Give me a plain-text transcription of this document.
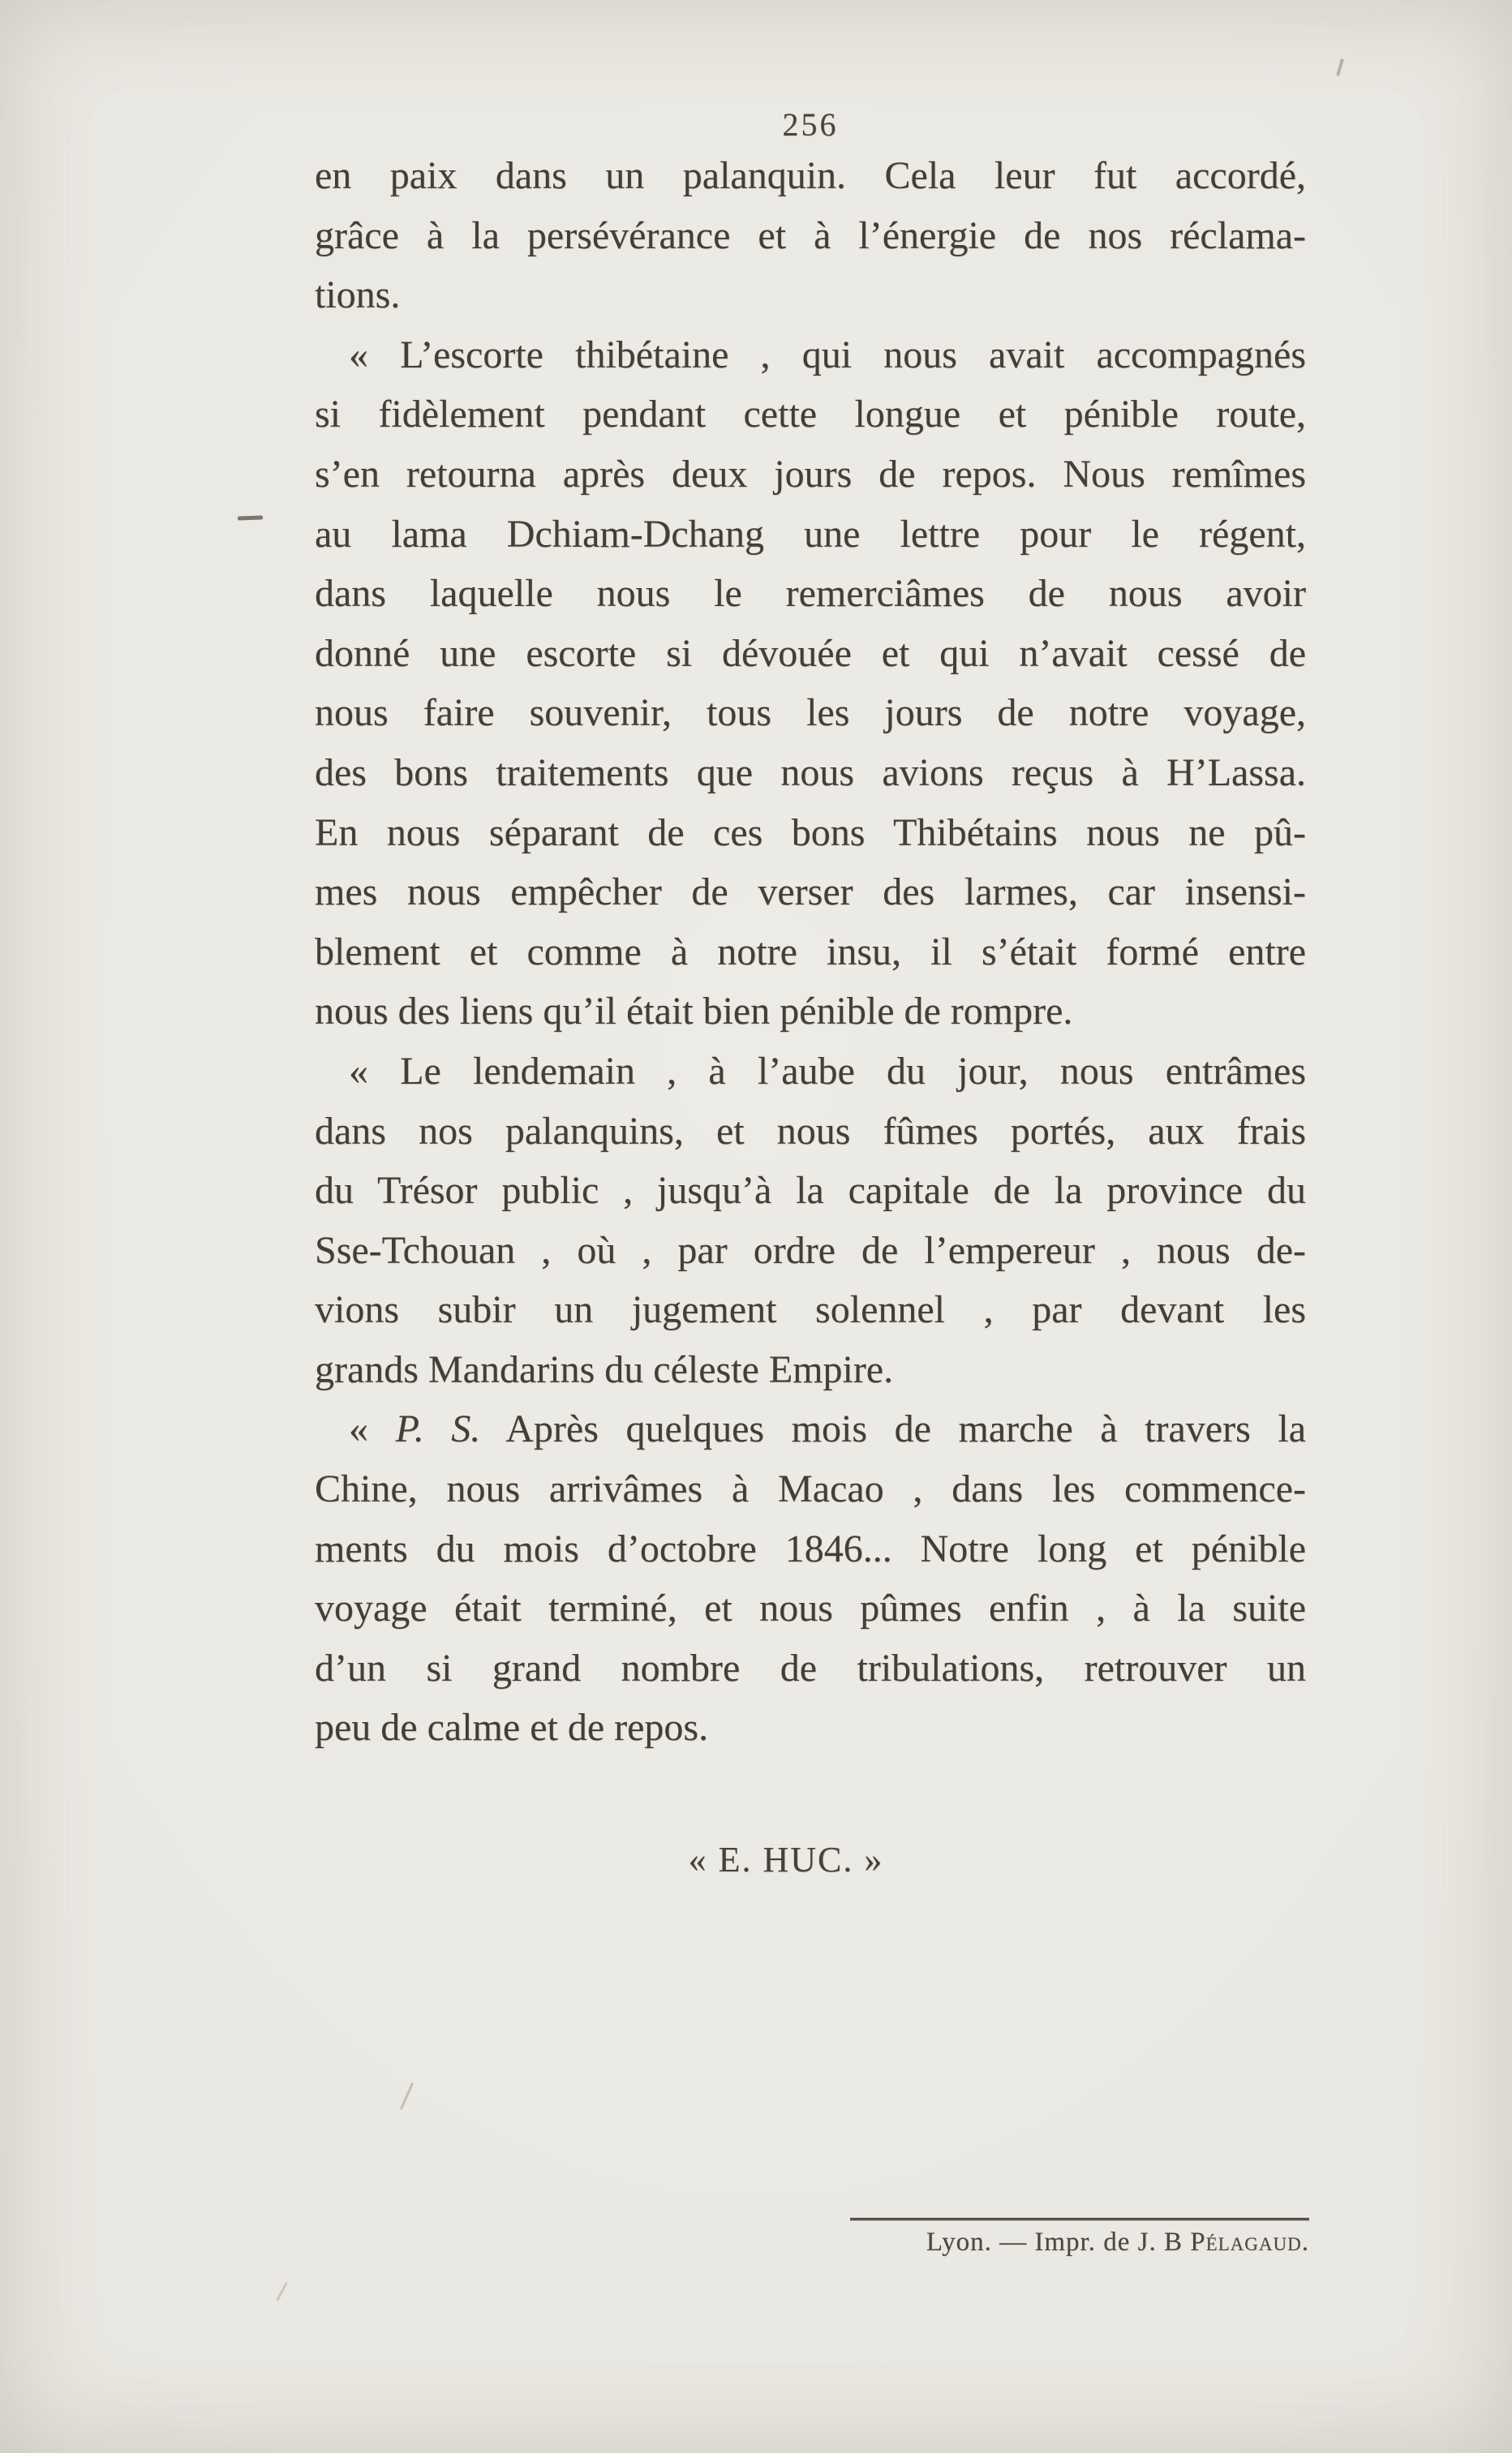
256
en paix dans un palanquin. Cela leur fut accordé,
grâce à la persévérance et à l’énergie de nos réclama-
tions.
« L’escorte thibétaine , qui nous avait accompagnés
si fidèlement pendant cette longue et pénible route,
s’en retourna après deux jours de repos. Nous remîmes
au lama Dchiam-Dchang une lettre pour le régent,
dans laquelle nous le remerciâmes de nous avoir
donné une escorte si dévouée et qui n’avait cessé de
nous faire souvenir, tous les jours de notre voyage,
des bons traitements que nous avions reçus à H’Lassa.
En nous séparant de ces bons Thibétains nous ne pû-
mes nous empêcher de verser des larmes, car insensi-
blement et comme à notre insu, il s’était formé entre
nous des liens qu’il était bien pénible de rompre.
« Le lendemain , à l’aube du jour, nous entrâmes
dans nos palanquins, et nous fûmes portés, aux frais
du Trésor public , jusqu’à la capitale de la province du
Sse-Tchouan , où , par ordre de l’empereur , nous de-
vions subir un jugement solennel , par devant les
grands Mandarins du céleste Empire.
« P. S. Après quelques mois de marche à travers la
Chine, nous arrivâmes à Macao , dans les commence-
ments du mois d’octobre 1846... Notre long et pénible
voyage était terminé, et nous pûmes enfin , à la suite
d’un si grand nombre de tribulations, retrouver un
peu de calme et de repos.
« E. HUC. »
Lyon. — Impr. de J. B Pélagaud.
